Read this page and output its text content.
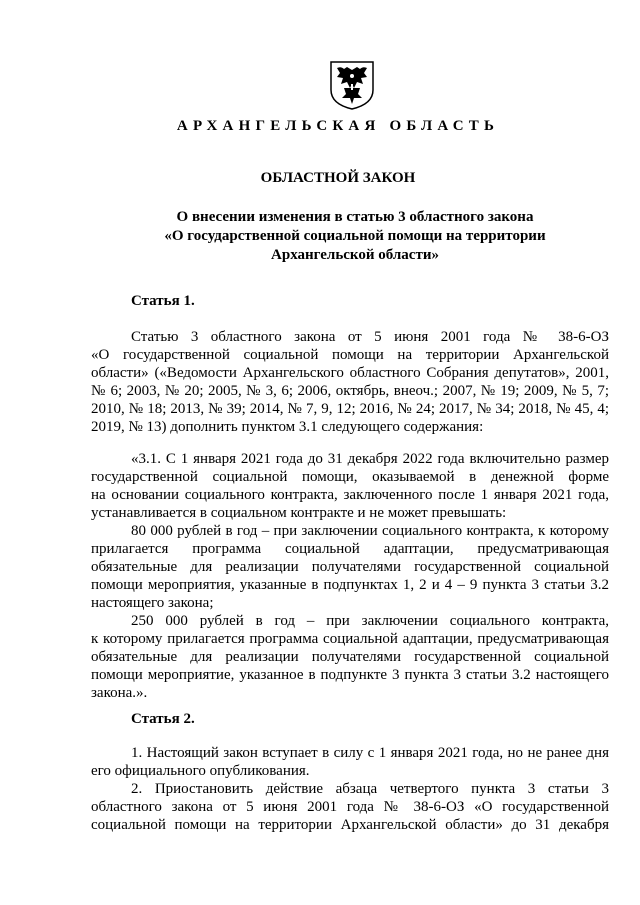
АРХАНГЕЛЬСКАЯ ОБЛАСТЬ
ОБЛАСТНОЙ ЗАКОН
О внесении изменения в статью 3 областного закона
«О государственной социальной помощи на территории
Архангельской области»
Статья 1.
Статью 3 областного закона от 5 июня 2001 года № 38-6-ОЗ
«О государственной социальной помощи на территории Архангельской
области» («Ведомости Архангельского областного Собрания депутатов», 2001,
№ 6; 2003, № 20; 2005, № 3, 6; 2006, октябрь, внеоч.; 2007, № 19; 2009, № 5, 7;
2010, № 18; 2013, № 39; 2014, № 7, 9, 12; 2016, № 24; 2017, № 34; 2018, № 45, 4;
2019, № 13) дополнить пунктом 3.1 следующего содержания:
«3.1. С 1 января 2021 года до 31 декабря 2022 года включительно размер
государственной социальной помощи, оказываемой в денежной форме
на основании социального контракта, заключенного после 1 января 2021 года,
устанавливается в социальном контракте и не может превышать:
80 000 рублей в год – при заключении социального контракта, к которому
прилагается программа социальной адаптации, предусматривающая
обязательные для реализации получателями государственной социальной
помощи мероприятия, указанные в подпунктах 1, 2 и 4 – 9 пункта 3 статьи 3.2
настоящего закона;
250 000 рублей в год – при заключении социального контракта,
к которому прилагается программа социальной адаптации, предусматривающая
обязательные для реализации получателями государственной социальной
помощи мероприятие, указанное в подпункте 3 пункта 3 статьи 3.2 настоящего
закона.».
Статья 2.
1. Настоящий закон вступает в силу с 1 января 2021 года, но не ранее дня
его официального опубликования.
2. Приостановить действие абзаца четвертого пункта 3 статьи 3
областного закона от 5 июня 2001 года № 38-6-ОЗ «О государственной
социальной помощи на территории Архангельской области» до 31 декабря
